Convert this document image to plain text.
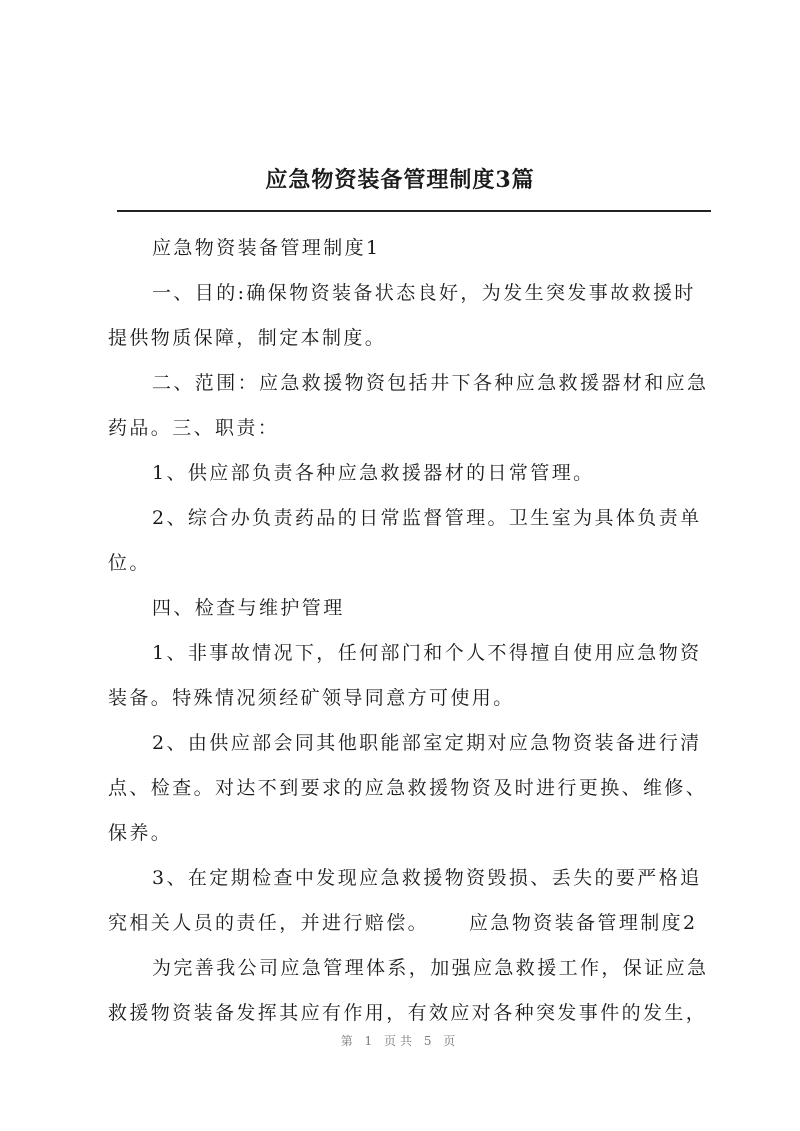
应急物资装备管理制度3篇
应急物资装备管理制度1
一、目的:确保物资装备状态良好，为发生突发事故救援时
提供物质保障，制定本制度。
二、范围：应急救援物资包括井下各种应急救援器材和应急
药品。三、职责：
1、供应部负责各种应急救援器材的日常管理。
2、综合办负责药品的日常监督管理。卫生室为具体负责单
位。
四、检查与维护管理
1、非事故情况下，任何部门和个人不得擅自使用应急物资
装备。特殊情况须经矿领导同意方可使用。
2、由供应部会同其他职能部室定期对应急物资装备进行清
点、检查。对达不到要求的应急救援物资及时进行更换、维修、
保养。
3、在定期检查中发现应急救援物资毁损、丢失的要严格追
究相关人员的责任，并进行赔偿。 应急物资装备管理制度2
为完善我公司应急管理体系，加强应急救援工作，保证应急
救援物资装备发挥其应有作用，有效应对各种突发事件的发生，
第 1 页共 5 页
